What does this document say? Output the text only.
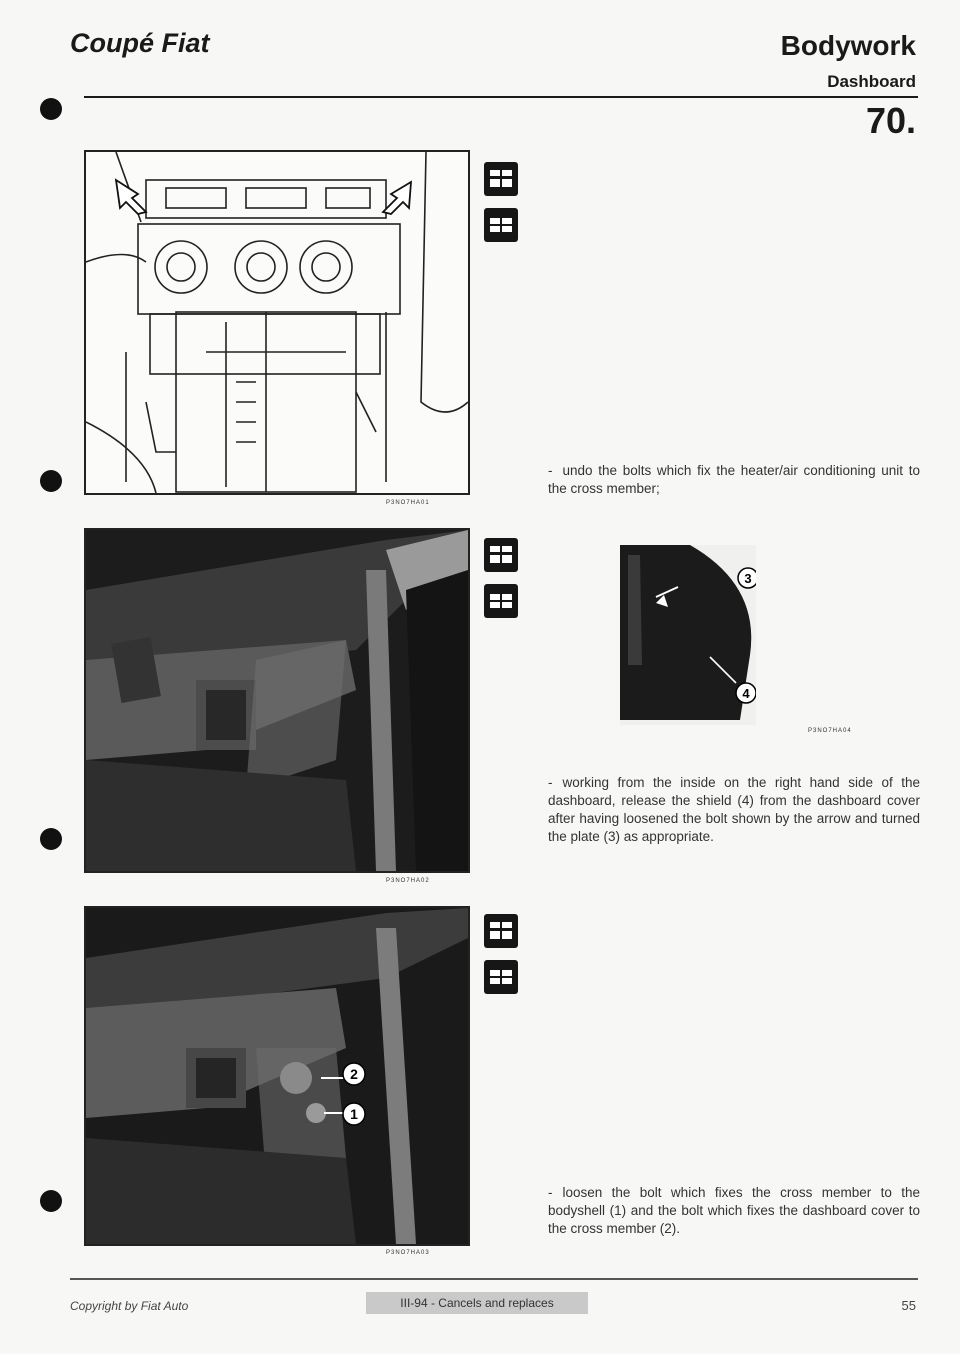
Coupé Fiat	Bodywork
Dashboard
70.
P3NO7HA01
P3NO7HA02
2
1
P3NO7HA03
- undo the bolts which fix the heater/air conditioning unit to the cross member;
3
4
P3NO7HA04
- working from the inside on the right hand side of the dashboard, release the shield (4) from the dashboard cover after having loosened the bolt shown by the arrow and turned the plate (3) as appropriate.
- loosen the bolt which fixes the cross member to the bodyshell (1) and the bolt which fixes the dashboard cover to the cross member (2).
Copyright by Fiat Auto	III-94 - Cancels and replaces	55
